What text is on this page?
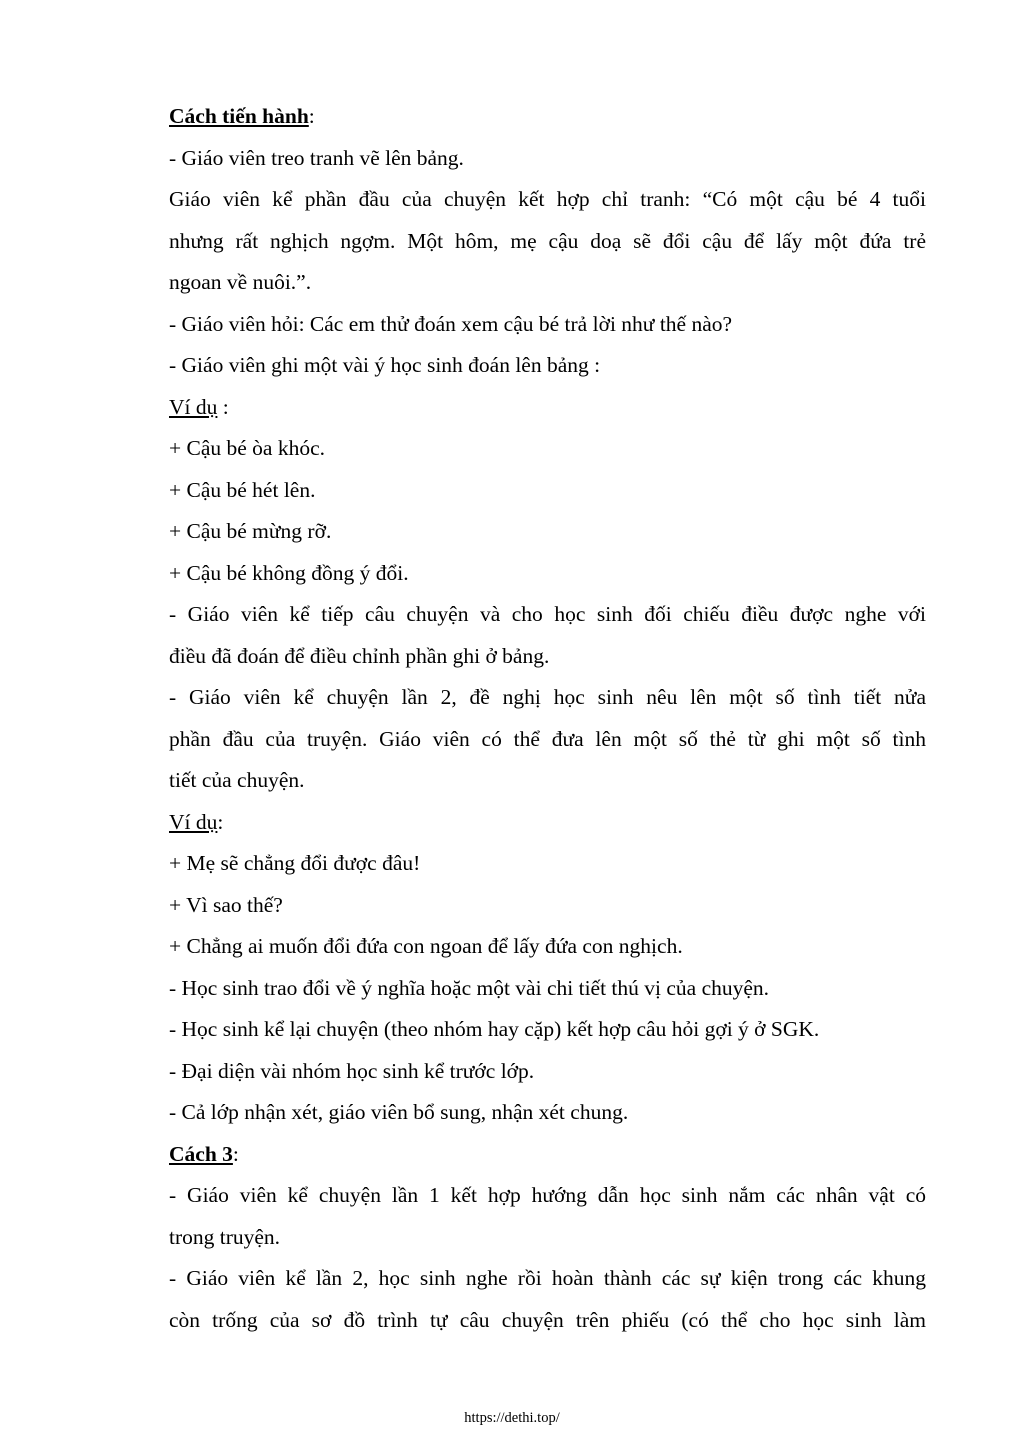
Cách tiến hành:
- Giáo viên treo tranh vẽ lên bảng.
Giáo viên kể phần đầu của chuyện kết hợp chỉ tranh: “Có một cậu bé 4 tuổi
nhưng rất nghịch ngợm. Một hôm, mẹ cậu doạ sẽ đổi cậu để lấy một đứa trẻ
ngoan về nuôi.”.
- Giáo viên hỏi: Các em thử đoán xem cậu bé trả lời như thế nào?
- Giáo viên ghi một vài ý học sinh đoán lên bảng :
Ví dụ :
+ Cậu bé òa khóc.
+ Cậu bé hét lên.
+ Cậu bé mừng rỡ.
+ Cậu bé không đồng ý đổi.
- Giáo viên kể tiếp câu chuyện và cho học sinh đối chiếu điều được nghe với
điều đã đoán để điều chỉnh phần ghi ở bảng.
- Giáo viên kể chuyện lần 2, đề nghị học sinh nêu lên một số tình tiết nửa
phần đầu của truyện. Giáo viên có thể đưa lên một số thẻ từ ghi một số tình
tiết của chuyện.
Ví dụ:
+ Mẹ sẽ chẳng đổi được đâu!
+ Vì sao thế?
+ Chẳng ai muốn đổi đứa con ngoan để lấy đứa con nghịch.
- Học sinh trao đổi về ý nghĩa hoặc một vài chi tiết thú vị của chuyện.
- Học sinh kể lại chuyện (theo nhóm hay cặp) kết hợp câu hỏi gợi ý ở SGK.
- Đại diện vài nhóm học sinh kể trước lớp.
- Cả lớp nhận xét, giáo viên bổ sung, nhận xét chung.
Cách 3:
- Giáo viên kể chuyện lần 1 kết hợp hướng dẫn học sinh nắm các nhân vật có
trong truyện.
- Giáo viên kể lần 2, học sinh nghe rồi hoàn thành các sự kiện trong các khung
còn trống của sơ đồ trình tự câu chuyện trên phiếu (có thể cho học sinh làm
https://dethi.top/
